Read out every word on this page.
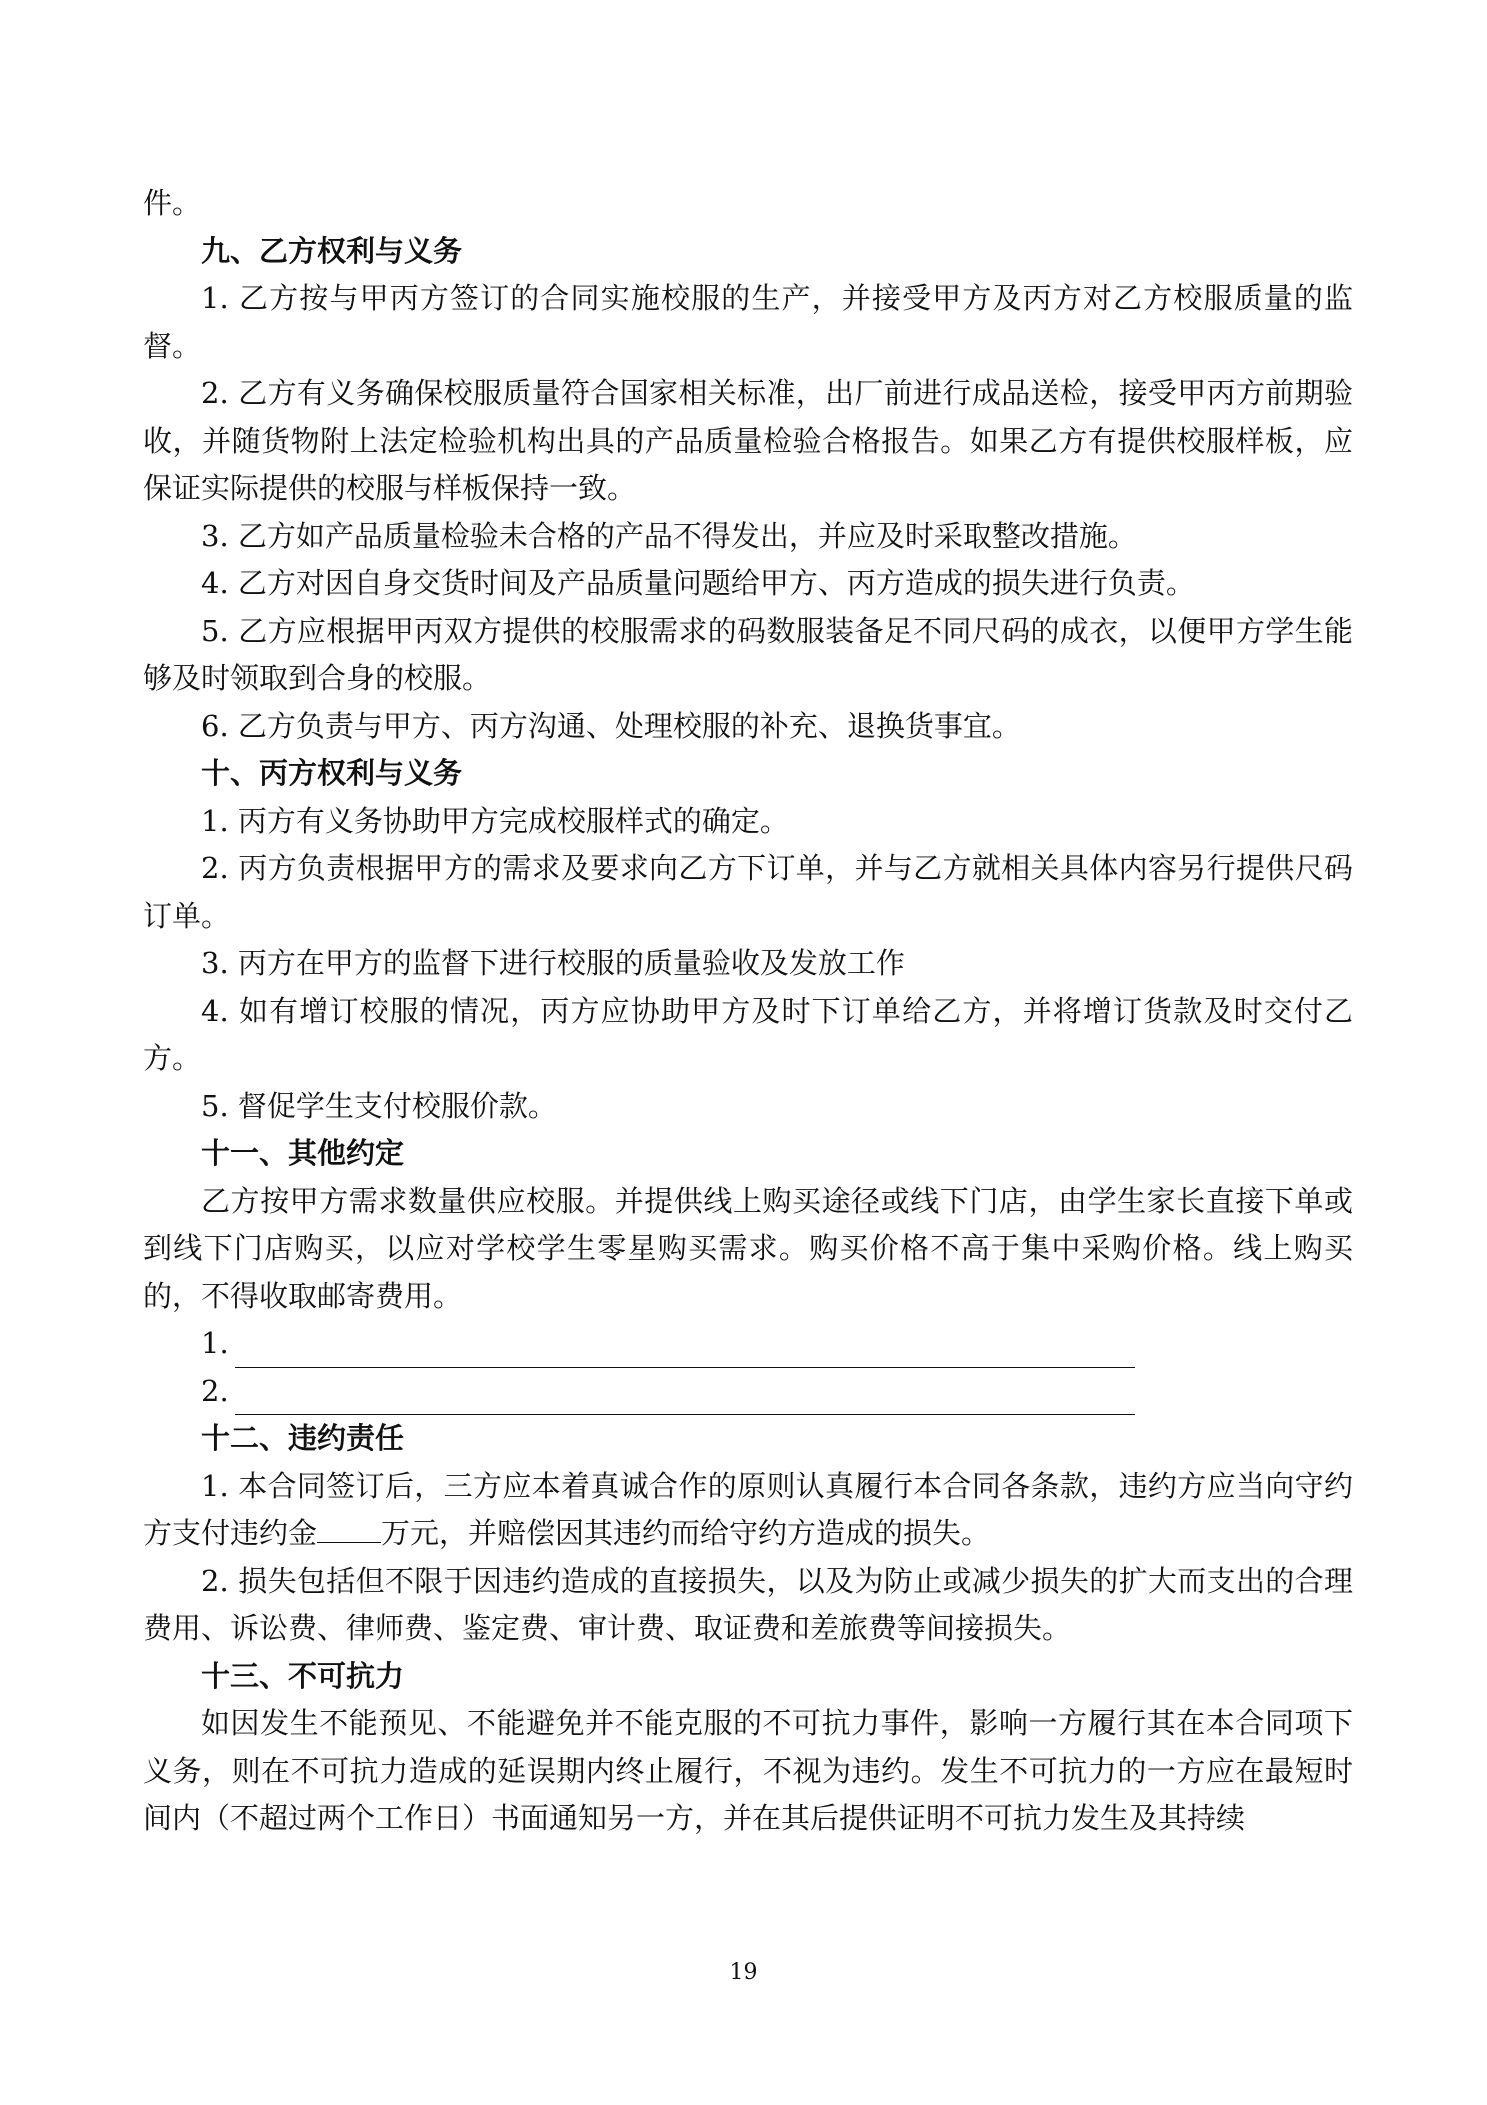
件。

九、乙方权利与义务

1. 乙方按与甲丙方签订的合同实施校服的生产，并接受甲方及丙方对乙方校服质量的监督。

2. 乙方有义务确保校服质量符合国家相关标准，出厂前进行成品送检，接受甲丙方前期验收，并随货物附上法定检验机构出具的产品质量检验合格报告。如果乙方有提供校服样板，应保证实际提供的校服与样板保持一致。

3. 乙方如产品质量检验未合格的产品不得发出，并应及时采取整改措施。

4. 乙方对因自身交货时间及产品质量问题给甲方、丙方造成的损失进行负责。

5. 乙方应根据甲丙双方提供的校服需求的码数服装备足不同尺码的成衣，以便甲方学生能够及时领取到合身的校服。

6. 乙方负责与甲方、丙方沟通、处理校服的补充、退换货事宜。

十、丙方权利与义务

1. 丙方有义务协助甲方完成校服样式的确定。

2. 丙方负责根据甲方的需求及要求向乙方下订单，并与乙方就相关具体内容另行提供尺码订单。

3. 丙方在甲方的监督下进行校服的质量验收及发放工作

4. 如有增订校服的情况，丙方应协助甲方及时下订单给乙方，并将增订货款及时交付乙方。

5. 督促学生支付校服价款。

十一、其他约定

乙方按甲方需求数量供应校服。并提供线上购买途径或线下门店，由学生家长直接下单或到线下门店购买，以应对学校学生零星购买需求。购买价格不高于集中采购价格。线上购买的，不得收取邮寄费用。

1.

2.

十二、违约责任

1. 本合同签订后，三方应本着真诚合作的原则认真履行本合同各条款，违约方应当向守约方支付违约金 万元，并赔偿因其违约而给守约方造成的损失。

2. 损失包括但不限于因违约造成的直接损失，以及为防止或减少损失的扩大而支出的合理费用、诉讼费、律师费、鉴定费、审计费、取证费和差旅费等间接损失。

十三、不可抗力

如因发生不能预见、不能避免并不能克服的不可抗力事件，影响一方履行其在本合同项下义务，则在不可抗力造成的延误期内终止履行，不视为违约。发生不可抗力的一方应在最短时间内（不超过两个工作日）书面通知另一方，并在其后提供证明不可抗力发生及其持续

19
